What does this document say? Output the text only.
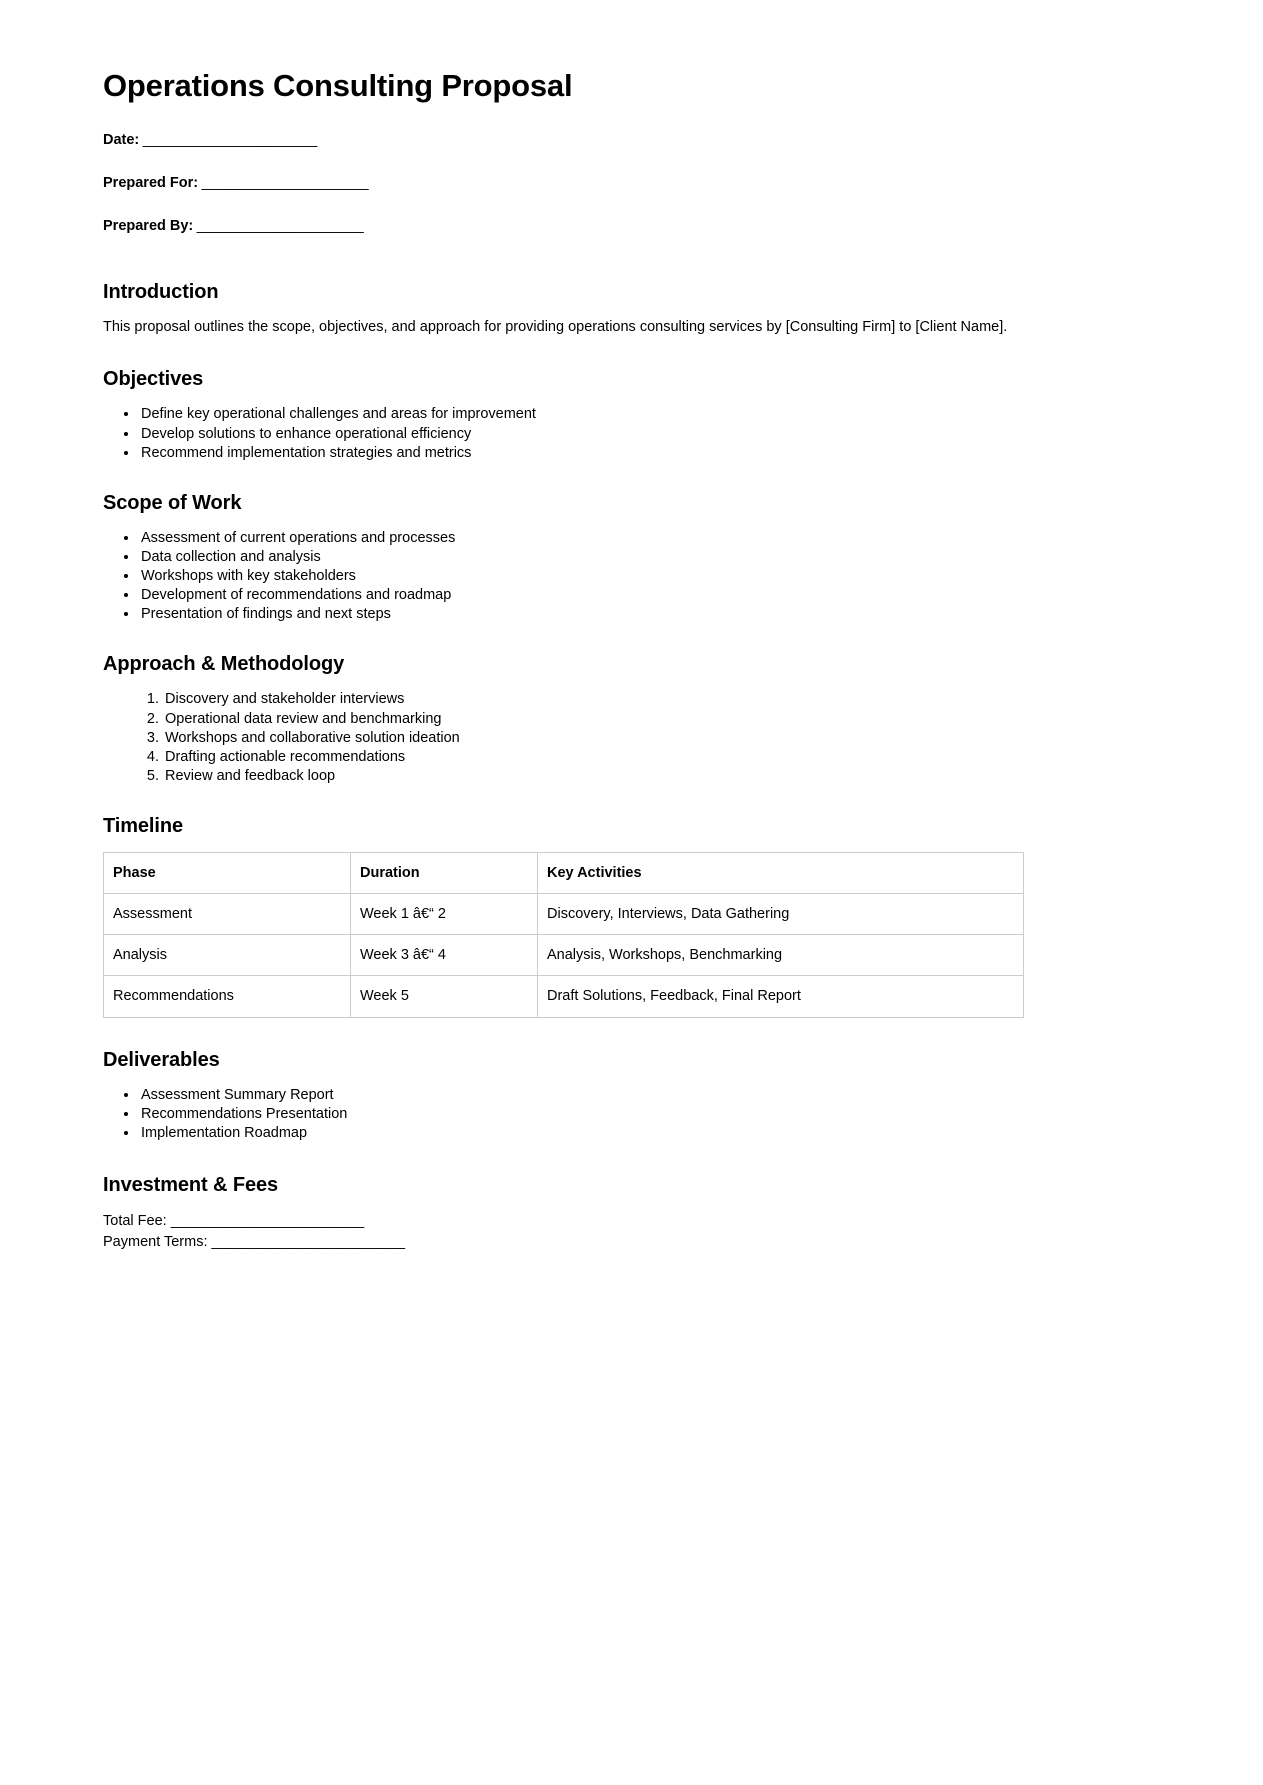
Operations Consulting Proposal
Date: _______________________
Prepared For: ______________________
Prepared By: ______________________
Introduction

This proposal outlines the scope, objectives, and approach for providing operations consulting services by [Consulting Firm] to [Client Name].

Objectives
• Define key operational challenges and areas for improvement
• Develop solutions to enhance operational efficiency
• Recommend implementation strategies and metrics
Scope of Work
• Assessment of current operations and processes
• Data collection and analysis
• Workshops with key stakeholders
• Development of recommendations and roadmap
• Presentation of findings and next steps
Approach & Methodology
1. Discovery and stakeholder interviews
2. Operational data review and benchmarking
3. Workshops and collaborative solution ideation
4. Drafting actionable recommendations
5. Review and feedback loop
Timeline
Phase	Duration	Key Activities
Assessment	Week 1 â€“ 2	Discovery, Interviews, Data Gathering
Analysis	Week 3 â€“ 4	Analysis, Workshops, Benchmarking
Recommendations	Week 5	Draft Solutions, Feedback, Final Report
Deliverables
• Assessment Summary Report
• Recommendations Presentation
• Implementation Roadmap
Investment & Fees
Total Fee: ________________________
Payment Terms: ________________________
